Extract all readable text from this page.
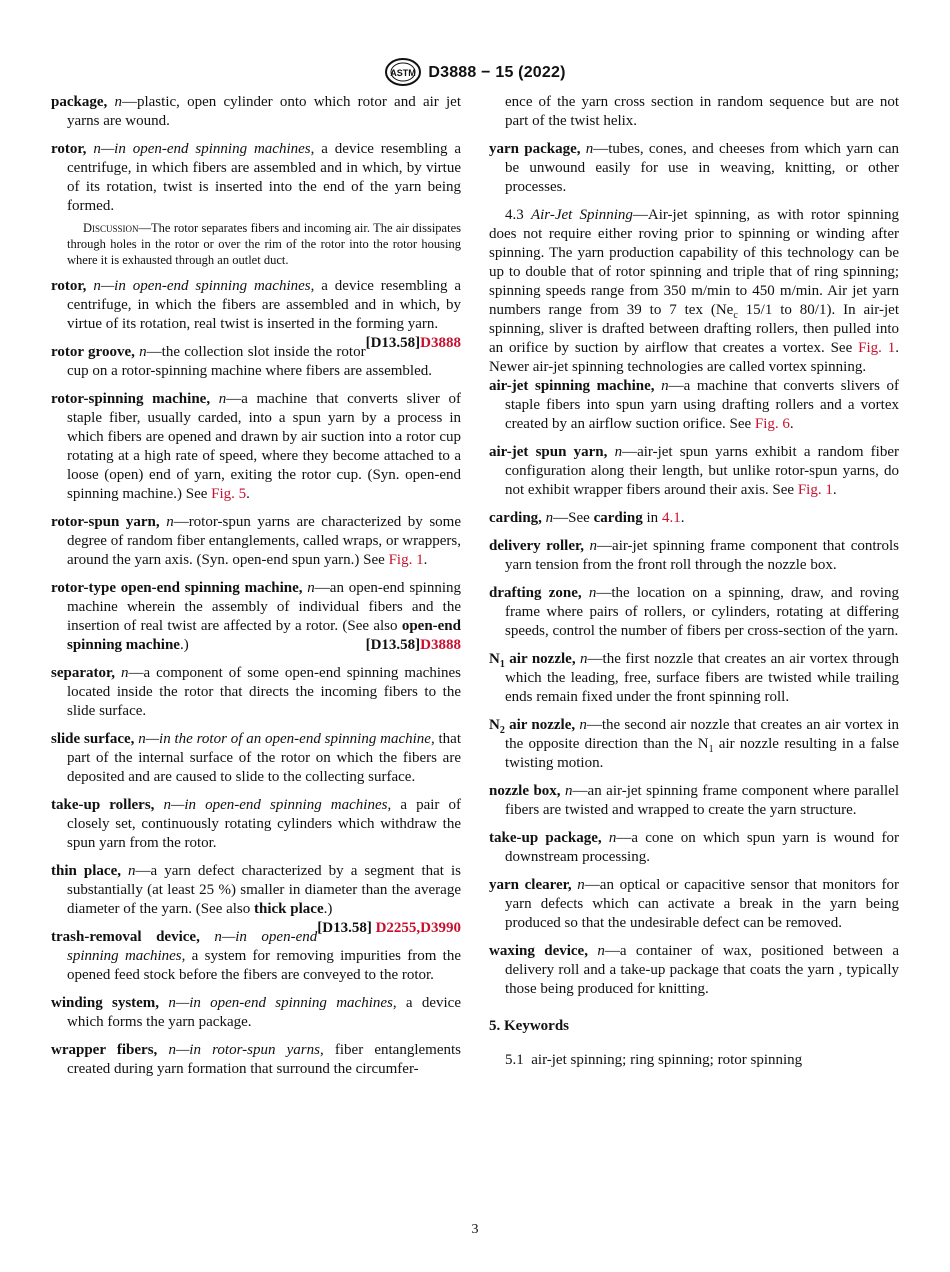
ASTM D3888 − 15 (2022)

package, n—plastic, open cylinder onto which rotor and air jet yarns are wound.

rotor, n—in open-end spinning machines, a device resembling a centrifuge, in which fibers are assembled and in which, by virtue of its rotation, twist is inserted into the end of the yarn being formed.

Discussion—The rotor separates fibers and incoming air. The air dissipates through holes in the rotor or over the rim of the rotor into the rotor housing where it is exhausted through an outlet duct.

rotor, n—in open-end spinning machines, a device resembling a centrifuge, in which the fibers are assembled and in which, by virtue of its rotation, real twist is inserted in the forming yarn.
[D13.58]D3888

rotor groove, n—the collection slot inside the rotor cup on a rotor-spinning machine where fibers are assembled.

rotor-spinning machine, n—a machine that converts sliver of staple fiber, usually carded, into a spun yarn by a process in which fibers are opened and drawn by air suction into a rotor cup rotating at a high rate of speed, where they become attached to a loose (open) end of yarn, exiting the rotor cup. (Syn. open-end spinning machine.) See Fig. 5.

rotor-spun yarn, n—rotor-spun yarns are characterized by some degree of random fiber entanglements, called wraps, or wrappers, around the yarn axis. (Syn. open-end spun yarn.) See Fig. 1.

rotor-type open-end spinning machine, n—an open-end spinning machine wherein the assembly of individual fibers and the insertion of real twist are affected by a rotor. (See also open-end spinning machine.)	[D13.58]D3888

separator, n—a component of some open-end spinning machines located inside the rotor that directs the incoming fibers to the slide surface.

slide surface, n—in the rotor of an open-end spinning machine, that part of the internal surface of the rotor on which the fibers are deposited and are caused to slide to the collecting surface.

take-up rollers, n—in open-end spinning machines, a pair of closely set, continuously rotating cylinders which withdraw the spun yarn from the rotor.

thin place, n—a yarn defect characterized by a segment that is substantially (at least 25 %) smaller in diameter than the average diameter of the yarn. (See also thick place.)
[D13.58] D2255,D3990

trash-removal device, n—in open-end spinning machines, a system for removing impurities from the opened feed stock before the fibers are conveyed to the rotor.

winding system, n—in open-end spinning machines, a device which forms the yarn package.

wrapper fibers, n—in rotor-spun yarns, fiber entanglements created during yarn formation that surround the circumfer-

ence of the yarn cross section in random sequence but are not part of the twist helix.

yarn package, n—tubes, cones, and cheeses from which yarn can be unwound easily for use in weaving, knitting, or other processes.

4.3 Air-Jet Spinning—Air-jet spinning, as with rotor spinning does not require either roving prior to spinning or winding after spinning. The yarn production capability of this technology can be up to double that of rotor spinning and triple that of ring spinning; spinning speeds range from 350 m/min to 450 m/min. Air jet yarn numbers range from 39 to 7 tex ($Ne_c$ 15/1 to 80/1). In air-jet spinning, sliver is drafted between drafting rollers, then pulled into an orifice by suction by airflow that creates a vortex. See Fig. 1. Newer air-jet spinning technologies are called vortex spinning.

air-jet spinning machine, n—a machine that converts slivers of staple fibers into spun yarn using drafting rollers and a vortex created by an airflow suction orifice. See Fig. 6.

air-jet spun yarn, n—air-jet spun yarns exhibit a random fiber configuration along their length, but unlike rotor-spun yarns, do not exhibit wrapper fibers around their axis. See Fig. 1.

carding, n—See carding in 4.1.

delivery roller, n—air-jet spinning frame component that controls yarn tension from the front roll through the nozzle box.

drafting zone, n—the location on a spinning, draw, and roving frame where pairs of rollers, or cylinders, rotating at differing speeds, control the number of fibers per cross-section of the yarn.

$N_1$ air nozzle, n—the first nozzle that creates an air vortex through which the leading, free, surface fibers are twisted while trailing ends remain fixed under the front spinning roll.

$N_2$ air nozzle, n—the second air nozzle that creates an air vortex in the opposite direction than the $N_1$ air nozzle resulting in a false twisting motion.

nozzle box, n—an air-jet spinning frame component where parallel fibers are twisted and wrapped to create the yarn structure.

take-up package, n—a cone on which spun yarn is wound for downstream processing.

yarn clearer, n—an optical or capacitive sensor that monitors for yarn defects which can activate a break in the yarn being produced so that the undesirable defect can be removed.

waxing device, n—a container of wax, positioned between a delivery roll and a take-up package that coats the yarn , typically those being produced for knitting.

5. Keywords

5.1 air-jet spinning; ring spinning; rotor spinning

3
